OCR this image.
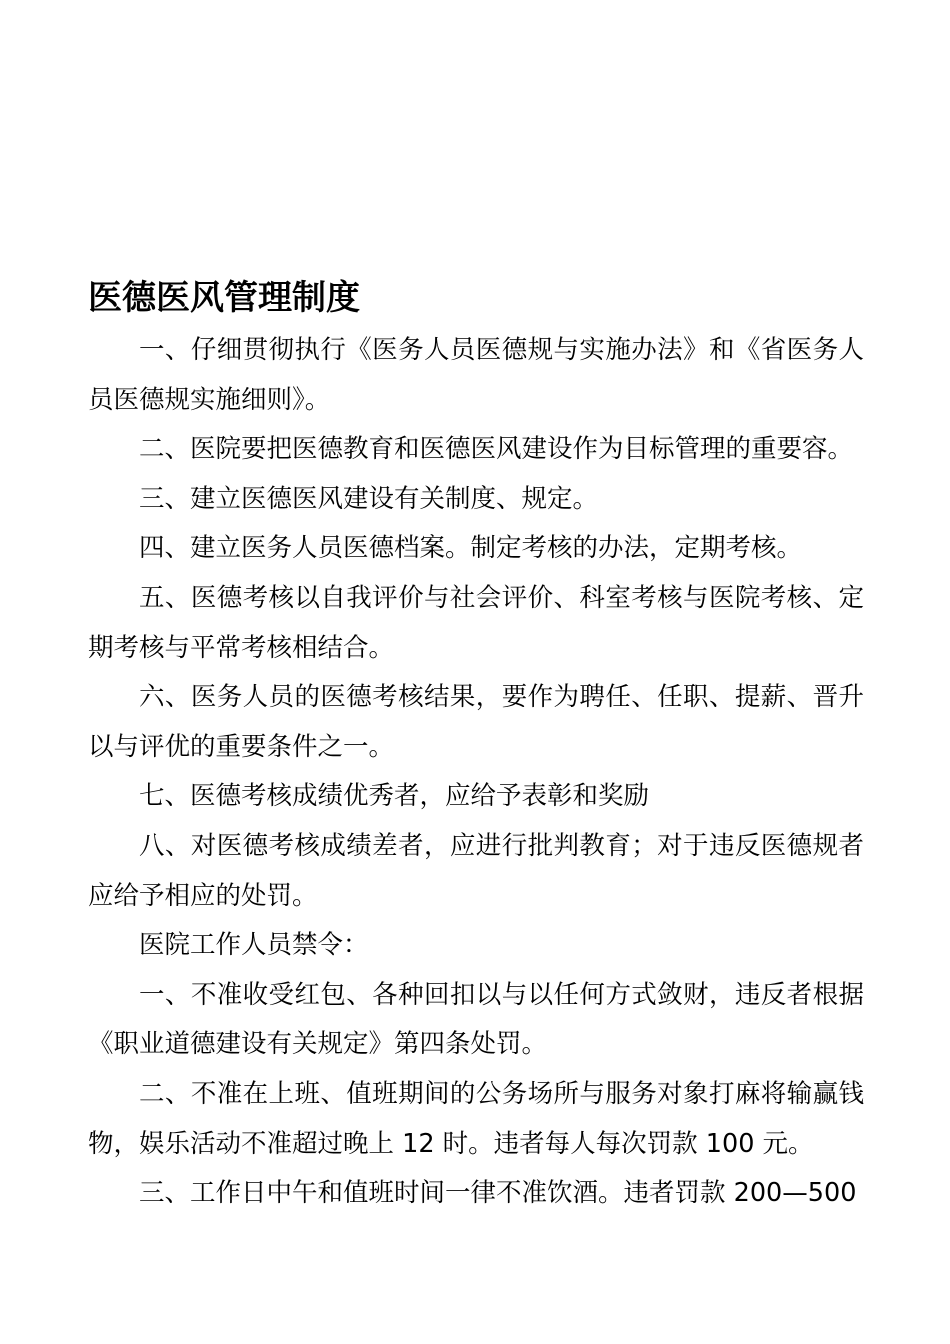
医德医风管理制度

一、仔细贯彻执行《医务人员医德规与实施办法》和《省医务人员医德规实施细则》。

二、医院要把医德教育和医德医风建设作为目标管理的重要容。

三、建立医德医风建设有关制度、规定。

四、建立医务人员医德档案。制定考核的办法，定期考核。

五、医德考核以自我评价与社会评价、科室考核与医院考核、定期考核与平常考核相结合。

六、医务人员的医德考核结果，要作为聘任、任职、提薪、晋升以与评优的重要条件之一。

七、医德考核成绩优秀者，应给予表彰和奖励

八、对医德考核成绩差者，应进行批判教育；对于违反医德规者应给予相应的处罚。

医院工作人员禁令：

一、不准收受红包、各种回扣以与以任何方式敛财，违反者根据《职业道德建设有关规定》第四条处罚。

二、不准在上班、值班期间的公务场所与服务对象打麻将输赢钱物，娱乐活动不准超过晚上 12 时。违者每人每次罚款 100 元。

三、工作日中午和值班时间一律不准饮酒。违者罚款 200—500
